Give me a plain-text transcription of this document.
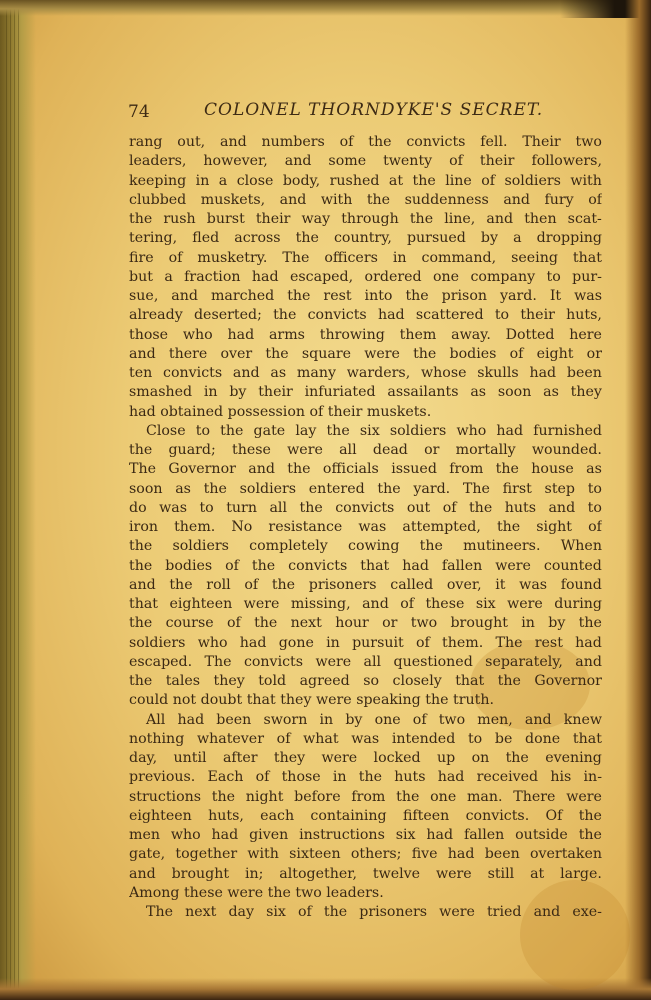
74	COLONEL THORNDYKE'S SECRET.
rang out, and numbers of the convicts fell. Their two
leaders, however, and some twenty of their followers,
keeping in a close body, rushed at the line of soldiers with
clubbed muskets, and with the suddenness and fury of
the rush burst their way through the line, and then scat-
tering, fled across the country, pursued by a dropping
fire of musketry. The officers in command, seeing that
but a fraction had escaped, ordered one company to pur-
sue, and marched the rest into the prison yard. It was
already deserted; the convicts had scattered to their huts,
those who had arms throwing them away. Dotted here
and there over the square were the bodies of eight or
ten convicts and as many warders, whose skulls had been
smashed in by their infuriated assailants as soon as they
had obtained possession of their muskets.
Close to the gate lay the six soldiers who had furnished
the guard; these were all dead or mortally wounded.
The Governor and the officials issued from the house as
soon as the soldiers entered the yard. The first step to
do was to turn all the convicts out of the huts and to
iron them. No resistance was attempted, the sight of
the soldiers completely cowing the mutineers. When
the bodies of the convicts that had fallen were counted
and the roll of the prisoners called over, it was found
that eighteen were missing, and of these six were during
the course of the next hour or two brought in by the
soldiers who had gone in pursuit of them. The rest had
escaped. The convicts were all questioned separately, and
the tales they told agreed so closely that the Governor
could not doubt that they were speaking the truth.
All had been sworn in by one of two men, and knew
nothing whatever of what was intended to be done that
day, until after they were locked up on the evening
previous. Each of those in the huts had received his in-
structions the night before from the one man. There were
eighteen huts, each containing fifteen convicts. Of the
men who had given instructions six had fallen outside the
gate, together with sixteen others; five had been overtaken
and brought in; altogether, twelve were still at large.
Among these were the two leaders.
The next day six of the prisoners were tried and exe-
